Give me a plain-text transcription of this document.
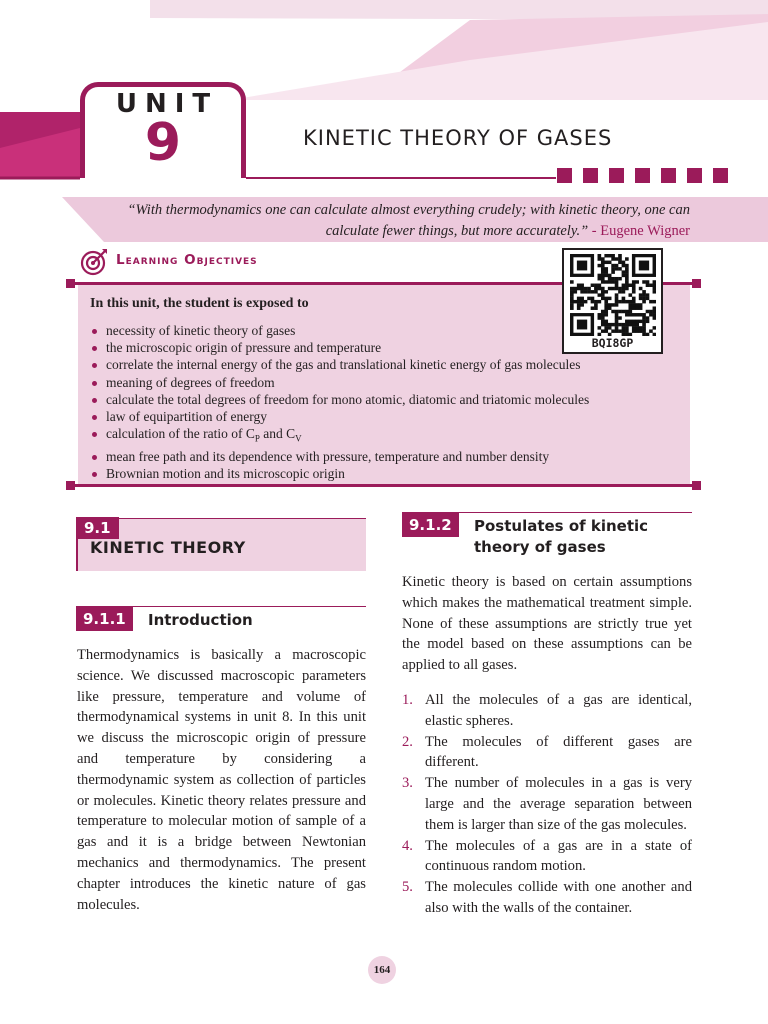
UNIT
9	KINETIC THEORY OF GASES
“With thermodynamics one can calculate almost everything crudely; with kinetic theory, one can calculate fewer things, but more accurately.” - Eugene Wigner
Learning Objectives
In this unit, the student is exposed to
necessity of kinetic theory of gases
the microscopic origin of pressure and temperature
correlate the internal energy of the gas and translational kinetic energy of gas molecules
meaning of degrees of freedom
calculate the total degrees of freedom for mono atomic, diatomic and triatomic molecules
law of equipartition of energy
calculation of the ratio of $C_P$ and $C_V$
mean free path and its dependence with pressure, temperature and number density
Brownian motion and its microscopic origin
BQI8GP
9.1
KINETIC THEORY
9.1.1	Introduction
Thermodynamics is basically a macroscopic science. We discussed macroscopic parameters like pressure, temperature and volume of thermodynamical systems in unit 8. In this unit we discuss the microscopic origin of pressure and temperature by considering a thermodynamic system as collection of particles or molecules. Kinetic theory relates pressure and temperature to molecular motion of sample of a gas and it is a bridge between Newtonian mechanics and thermodynamics. The present chapter introduces the kinetic nature of gas molecules.
9.1.2	Postulates of kinetic
theory of gases
Kinetic theory is based on certain assumptions which makes the mathematical treatment simple. None of these assumptions are strictly true yet the model based on these assumptions can be applied to all gases.
1. All the molecules of a gas are identical, elastic spheres.
2. The molecules of different gases are different.
3. The number of molecules in a gas is very large and the average separation between them is larger than size of the gas molecules.
4. The molecules of a gas are in a state of continuous random motion.
5. The molecules collide with one another and also with the walls of the container.
164
